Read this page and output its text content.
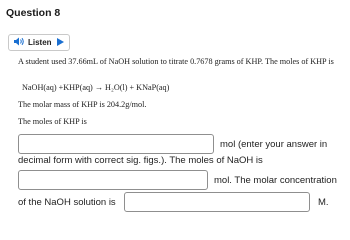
Question 8
Listen
A student used 37.66mL of NaOH solution to titrate 0.7678 grams of KHP. The moles of KHP is
NaOH(aq) +KHP(aq) → H₂O(l) + KNaP(aq)
The molar mass of KHP is 204.2g/mol.
The moles of KHP is
mol (enter your answer in
decimal form with correct sig. figs.). The moles of NaOH is
mol. The molar concentration
of the NaOH solution is	M.
